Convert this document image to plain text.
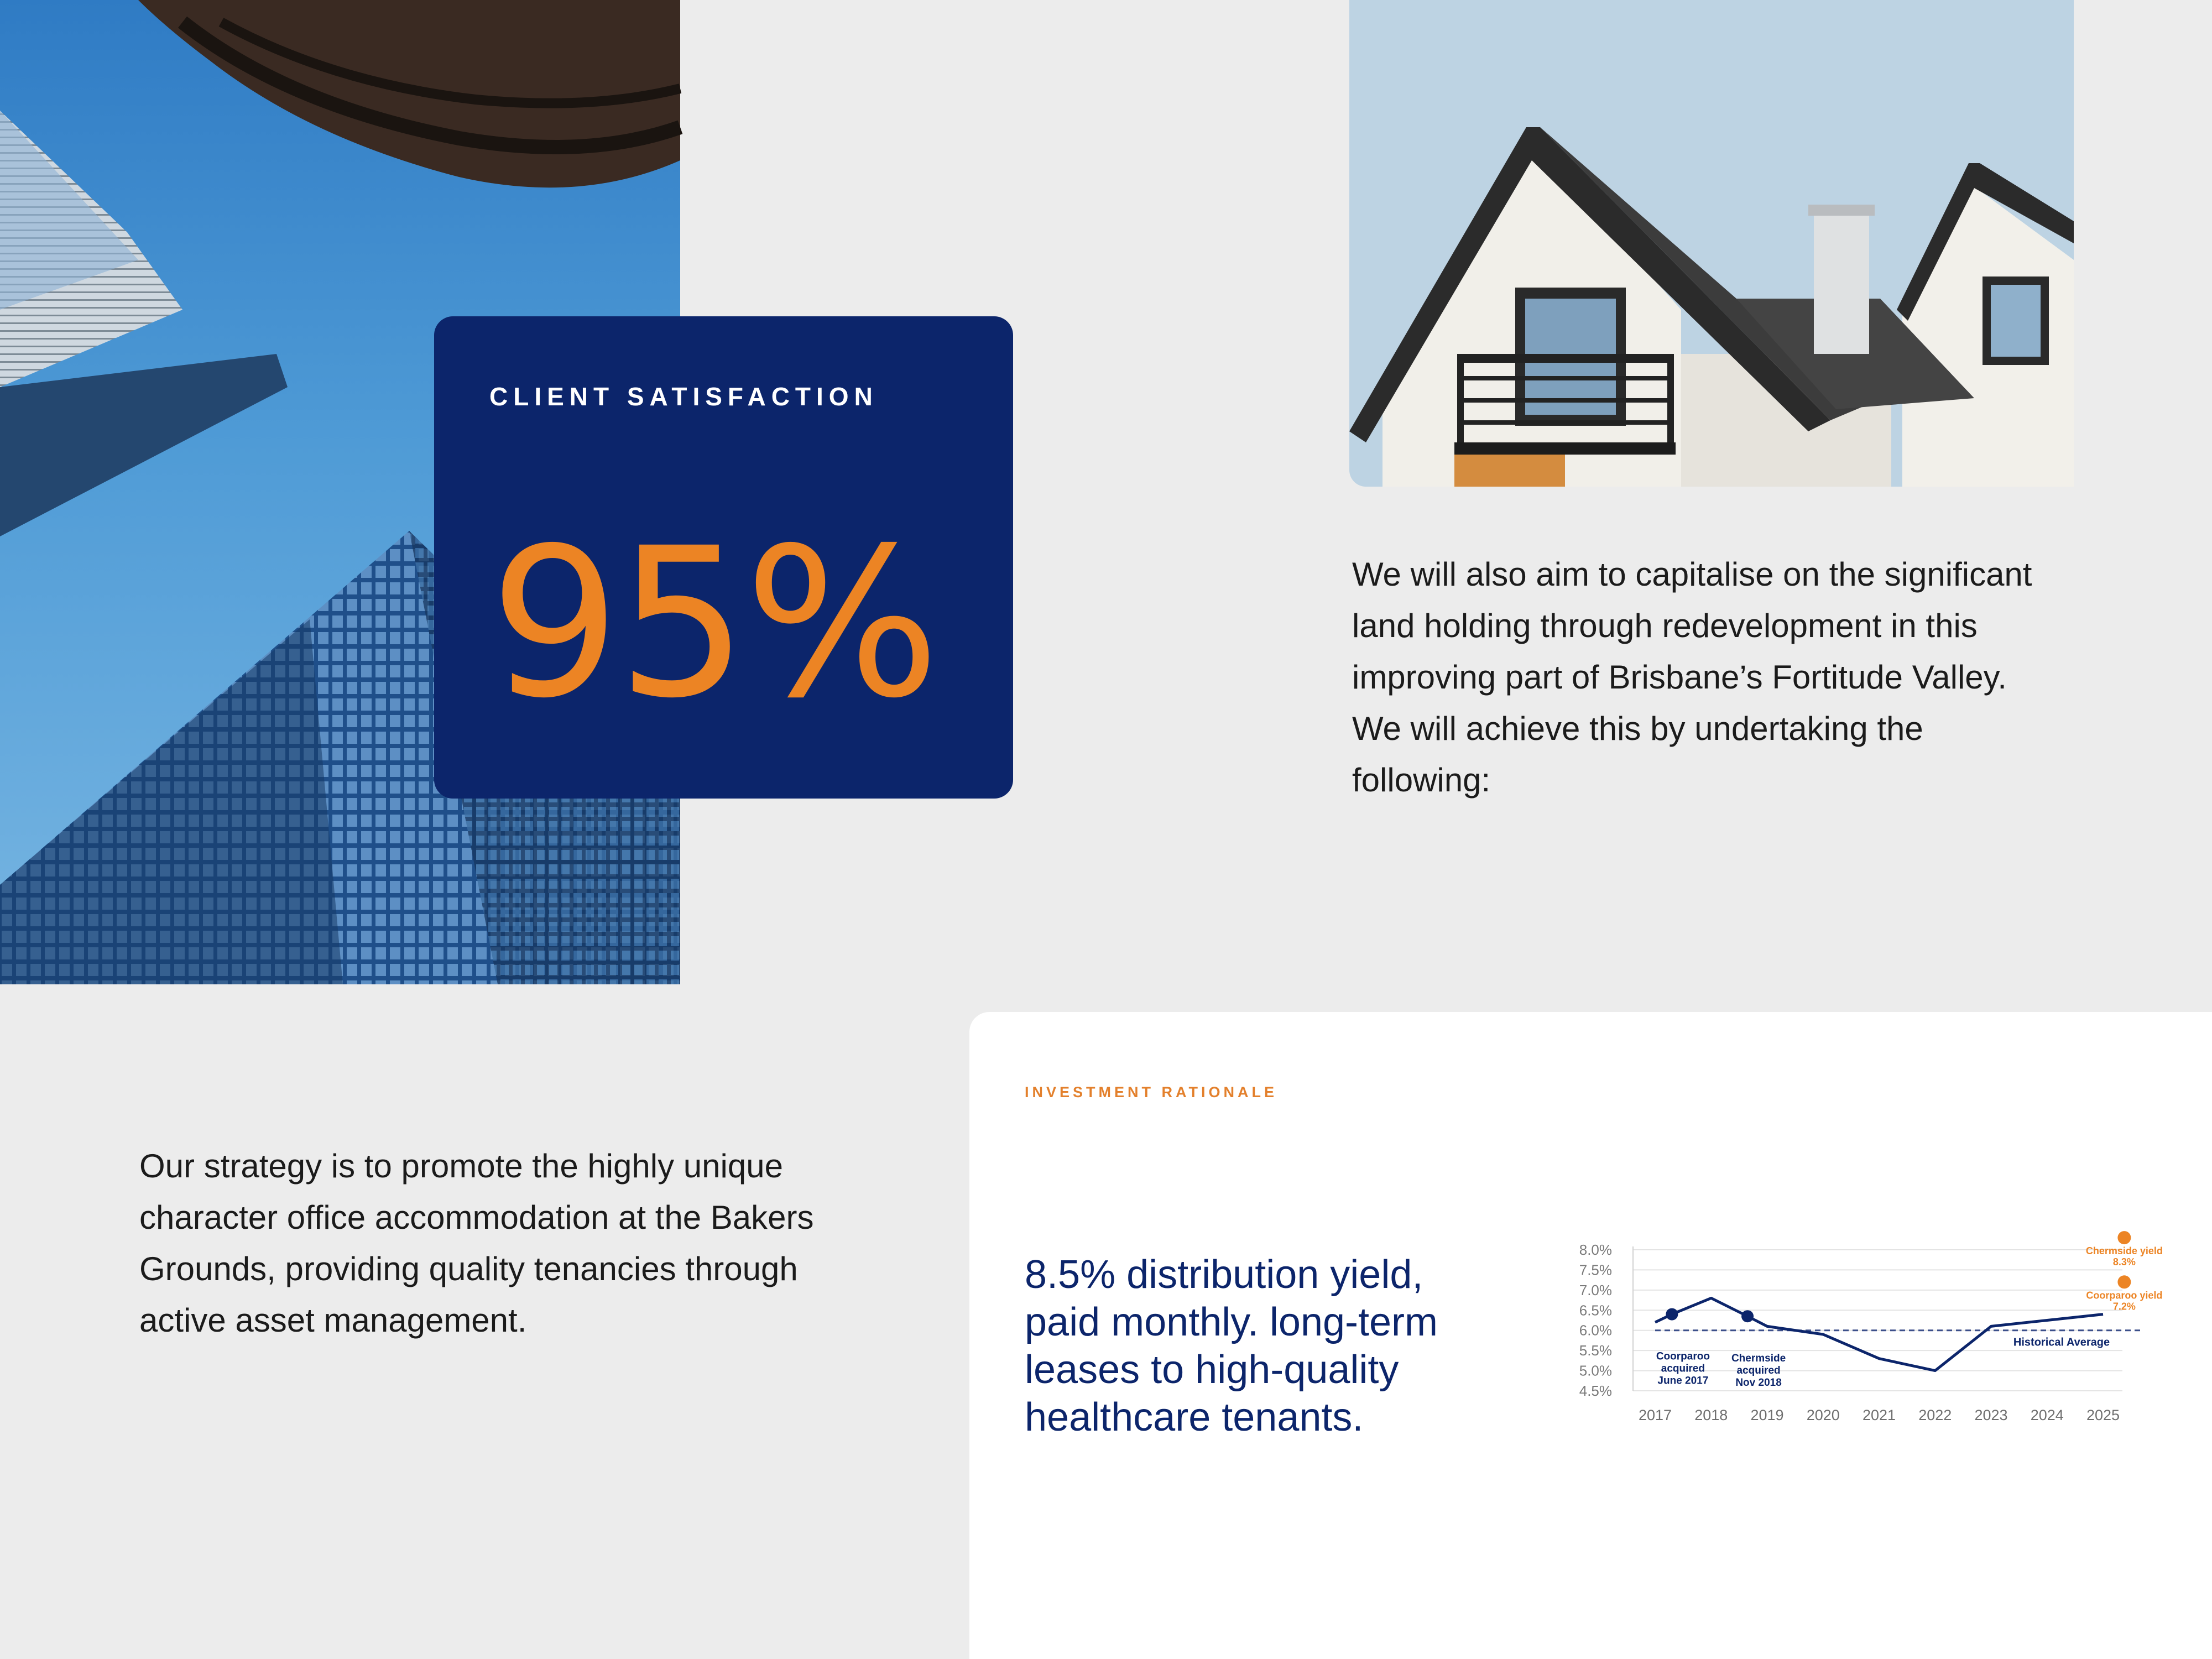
CLIENT SATISFACTION
95%	We will also aim to capitalise on the significant land holding through redevelopment in this improving part of Brisbane’s Fortitude Valley. We will achieve this by undertaking the following:

Our strategy is to promote the highly unique character office accommodation at the Bakers Grounds, providing quality tenancies through active asset management.

INVESTMENT RATIONALE

8.5% distribution yield, paid monthly. long-term leases to high-quality healthcare tenants.

8.0%
7.5%
7.0%
6.5%
6.0%
5.5%
5.0%
4.5%
2017 2018 2019 2020 2021 2022 2023 2024 2025
Historical Average
Coorparoo
acquired
June 2017
Chermside
acquired
Nov 2018
Chermside yield
8.3%
Coorparoo yield
7.2%
